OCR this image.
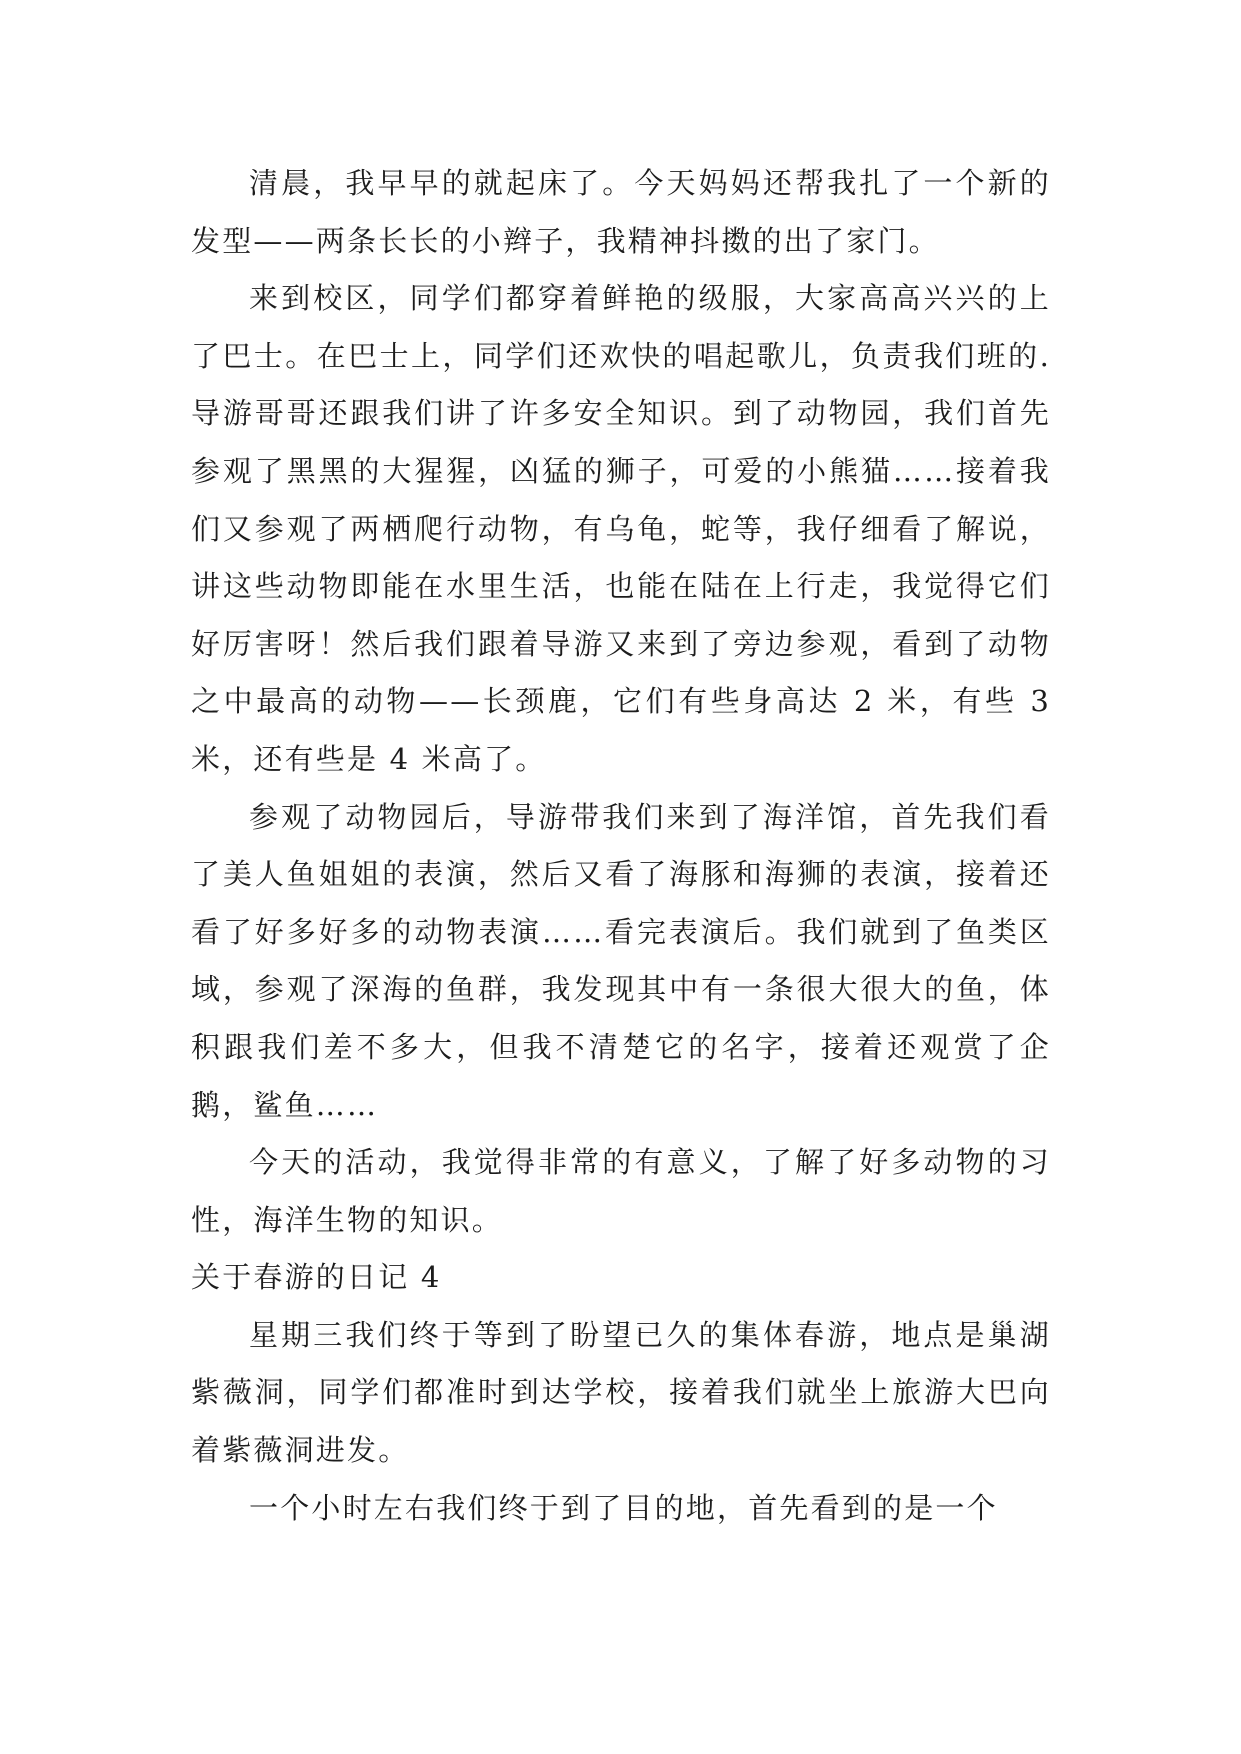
清晨，我早早的就起床了。今天妈妈还帮我扎了一个新的发型——两条长长的小辫子，我精神抖擞的出了家门。

来到校区，同学们都穿着鲜艳的级服，大家高高兴兴的上了巴士。在巴士上，同学们还欢快的唱起歌儿，负责我们班的.导游哥哥还跟我们讲了许多安全知识。到了动物园，我们首先参观了黑黑的大猩猩，凶猛的狮子，可爱的小熊猫……接着我们又参观了两栖爬行动物，有乌龟，蛇等，我仔细看了解说，讲这些动物即能在水里生活，也能在陆在上行走，我觉得它们好厉害呀！然后我们跟着导游又来到了旁边参观，看到了动物之中最高的动物——长颈鹿，它们有些身高达 2 米，有些 3 米，还有些是 4 米高了。

参观了动物园后，导游带我们来到了海洋馆，首先我们看了美人鱼姐姐的表演，然后又看了海豚和海狮的表演，接着还看了好多好多的动物表演……看完表演后。我们就到了鱼类区域，参观了深海的鱼群，我发现其中有一条很大很大的鱼，体积跟我们差不多大，但我不清楚它的名字，接着还观赏了企鹅，鲨鱼……

今天的活动，我觉得非常的有意义，了解了好多动物的习性，海洋生物的知识。

关于春游的日记 4

星期三我们终于等到了盼望已久的集体春游，地点是巢湖紫薇洞，同学们都准时到达学校，接着我们就坐上旅游大巴向着紫薇洞进发。

一个小时左右我们终于到了目的地，首先看到的是一个
